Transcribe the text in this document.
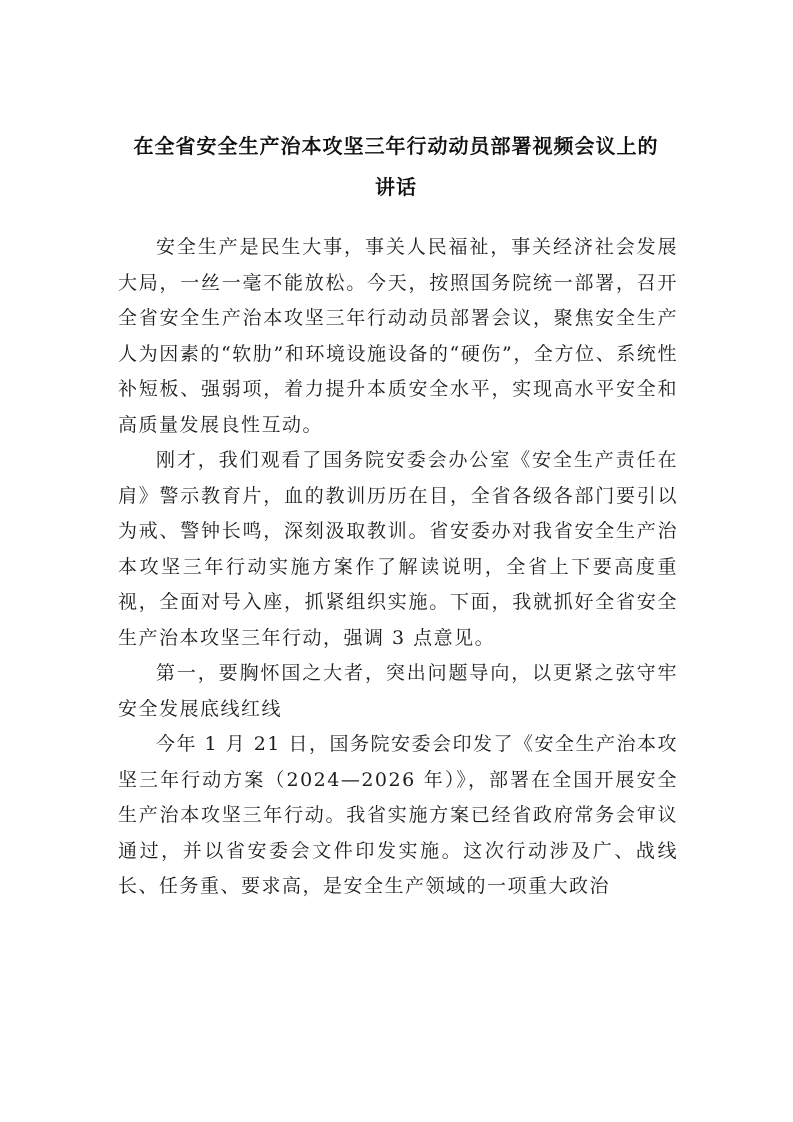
在全省安全生产治本攻坚三年行动动员部署视频会议上的
讲话

安全生产是民生大事，事关人民福祉，事关经济社会发展大局，一丝一毫不能放松。今天，按照国务院统一部署，召开全省安全生产治本攻坚三年行动动员部署会议，聚焦安全生产人为因素的“软肋”和环境设施设备的“硬伤”，全方位、系统性补短板、强弱项，着力提升本质安全水平，实现高水平安全和高质量发展良性互动。

刚才，我们观看了国务院安委会办公室《安全生产责任在肩》警示教育片，血的教训历历在目，全省各级各部门要引以为戒、警钟长鸣，深刻汲取教训。省安委办对我省安全生产治本攻坚三年行动实施方案作了解读说明，全省上下要高度重视，全面对号入座，抓紧组织实施。下面，我就抓好全省安全生产治本攻坚三年行动，强调 3 点意见。

第一，要胸怀国之大者，突出问题导向，以更紧之弦守牢安全发展底线红线

今年 1 月 21 日，国务院安委会印发了《安全生产治本攻坚三年行动方案（2024—2026 年）》，部署在全国开展安全生产治本攻坚三年行动。我省实施方案已经省政府常务会审议通过，并以省安委会文件印发实施。这次行动涉及广、战线长、任务重、要求高，是安全生产领域的一项重大政治
